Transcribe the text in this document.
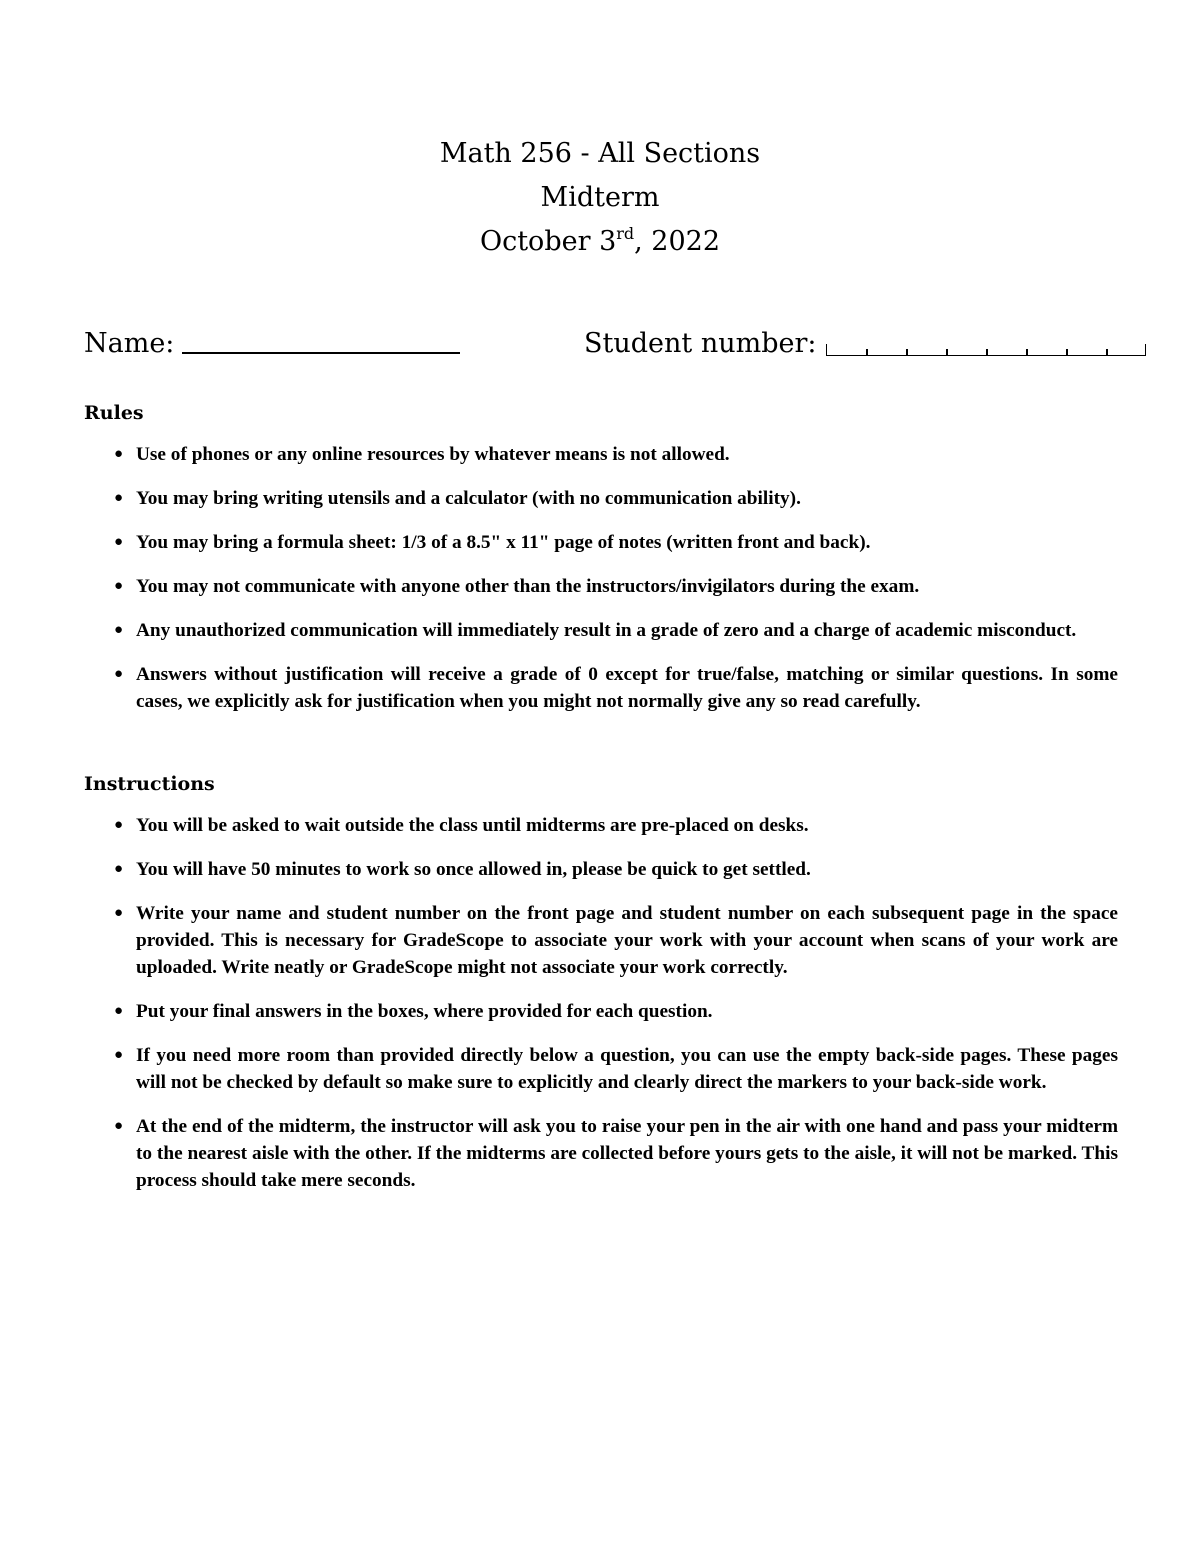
Math 256 - All Sections
Midterm
October 3rd, 2022
Name:	Student number:
Rules
● Use of phones or any online resources by whatever means is not allowed.
● You may bring writing utensils and a calculator (with no communication ability).
● You may bring a formula sheet: 1/3 of a 8.5" x 11" page of notes (written front and back).
● You may not communicate with anyone other than the instructors/invigilators during the exam.
● Any unauthorized communication will immediately result in a grade of zero and a charge of academic misconduct.
● Answers without justification will receive a grade of 0 except for true/false, matching or similar questions. In some cases, we explicitly ask for justification when you might not normally give any so read carefully.
Instructions
● You will be asked to wait outside the class until midterms are pre-placed on desks.
● You will have 50 minutes to work so once allowed in, please be quick to get settled.
● Write your name and student number on the front page and student number on each subsequent page in the space provided. This is necessary for GradeScope to associate your work with your account when scans of your work are uploaded. Write neatly or GradeScope might not associate your work correctly.
● Put your final answers in the boxes, where provided for each question.
● If you need more room than provided directly below a question, you can use the empty back-side pages. These pages will not be checked by default so make sure to explicitly and clearly direct the markers to your back-side work.
● At the end of the midterm, the instructor will ask you to raise your pen in the air with one hand and pass your midterm to the nearest aisle with the other. If the midterms are collected before yours gets to the aisle, it will not be marked. This process should take mere seconds.
